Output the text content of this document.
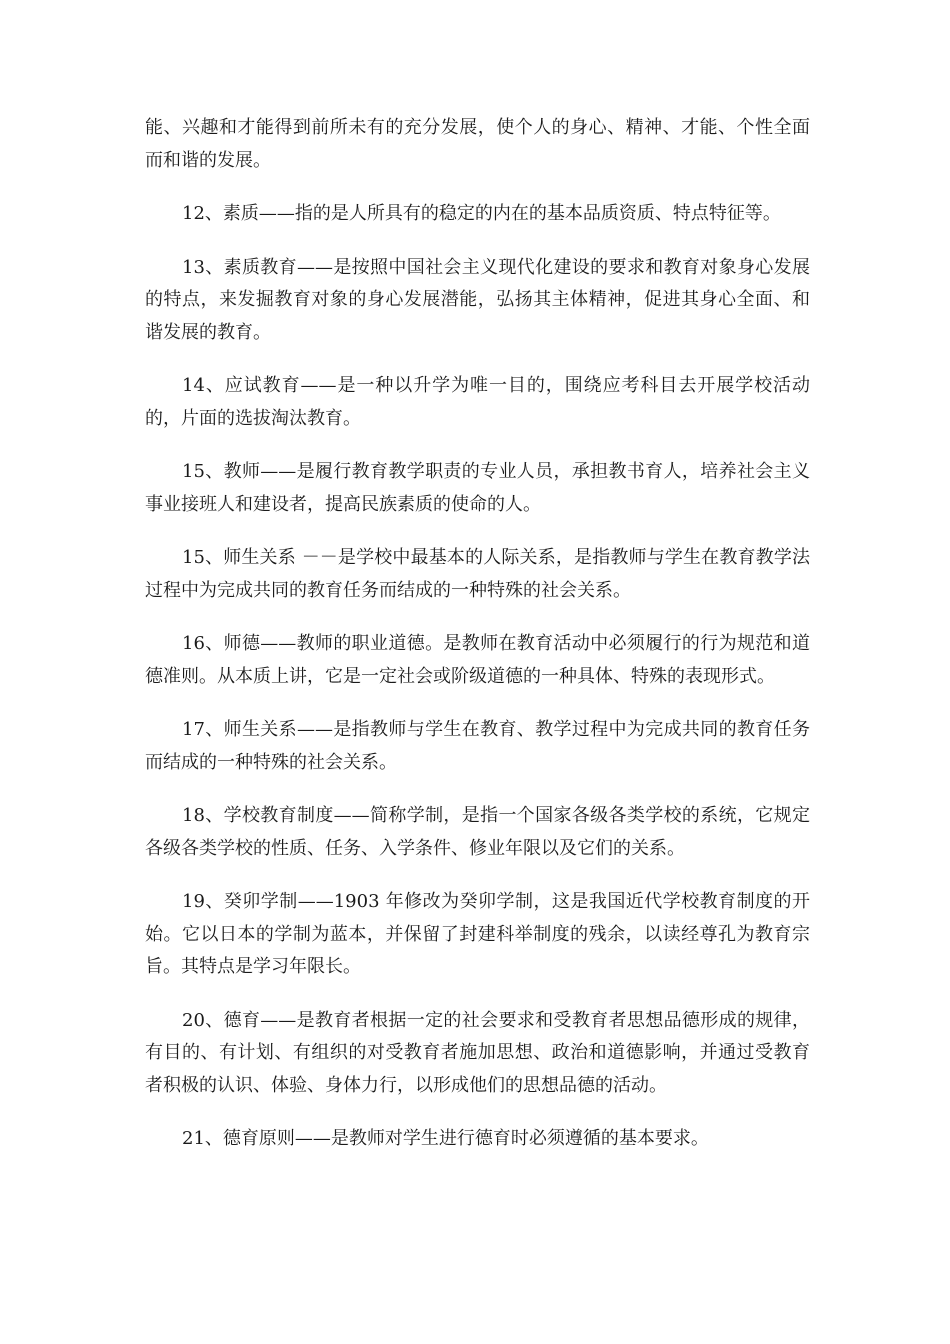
能、兴趣和才能得到前所未有的充分发展，使个人的身心、精神、才能、个性全面而和谐的发展。

12、素质——指的是人所具有的稳定的内在的基本品质资质、特点特征等。

13、素质教育——是按照中国社会主义现代化建设的要求和教育对象身心发展的特点，来发掘教育对象的身心发展潜能，弘扬其主体精神，促进其身心全面、和谐发展的教育。

14、应试教育——是一种以升学为唯一目的，围绕应考科目去开展学校活动的，片面的选拔淘汰教育。

15、教师——是履行教育教学职责的专业人员，承担教书育人，培养社会主义事业接班人和建设者，提高民族素质的使命的人。

15、师生关系 －－是学校中最基本的人际关系，是指教师与学生在教育教学法过程中为完成共同的教育任务而结成的一种特殊的社会关系。

16、师德——教师的职业道德。是教师在教育活动中必须履行的行为规范和道德准则。从本质上讲，它是一定社会或阶级道德的一种具体、特殊的表现形式。

17、师生关系——是指教师与学生在教育、教学过程中为完成共同的教育任务而结成的一种特殊的社会关系。

18、学校教育制度——简称学制，是指一个国家各级各类学校的系统，它规定各级各类学校的性质、任务、入学条件、修业年限以及它们的关系。

19、癸卯学制——1903 年修改为癸卯学制，这是我国近代学校教育制度的开始。它以日本的学制为蓝本，并保留了封建科举制度的残余，以读经尊孔为教育宗旨。其特点是学习年限长。

20、德育——是教育者根据一定的社会要求和受教育者思想品德形成的规律，有目的、有计划、有组织的对受教育者施加思想、政治和道德影响，并通过受教育者积极的认识、体验、身体力行，以形成他们的思想品德的活动。

21、德育原则——是教师对学生进行德育时必须遵循的基本要求。
